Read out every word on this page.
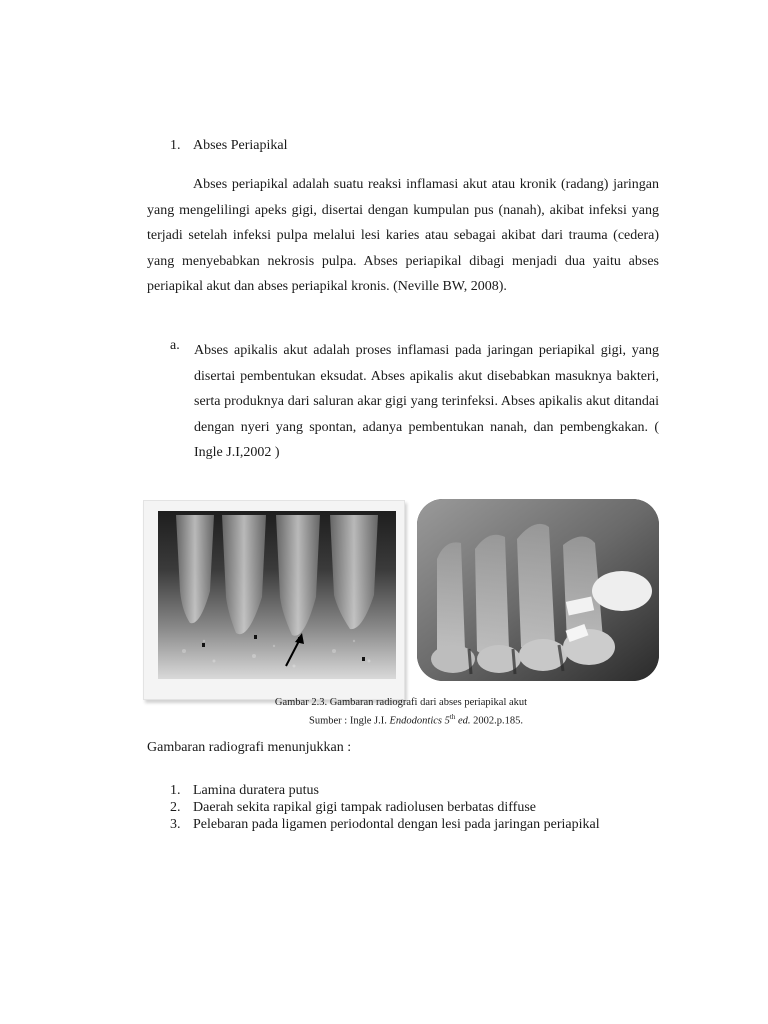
1. Abses Periapikal

Abses periapikal adalah suatu reaksi inflamasi akut atau kronik (radang) jaringan yang mengelilingi apeks gigi, disertai dengan kumpulan pus (nanah), akibat infeksi yang terjadi setelah infeksi pulpa melalui lesi karies atau sebagai akibat dari trauma (cedera) yang menyebabkan nekrosis pulpa. Abses periapikal dibagi menjadi dua yaitu abses periapikal akut dan abses periapikal kronis. (Neville BW, 2008).

a. Abses apikalis akut adalah proses inflamasi pada jaringan periapikal gigi, yang disertai pembentukan eksudat. Abses apikalis akut disebabkan masuknya bakteri, serta produknya dari saluran akar gigi yang terinfeksi. Abses apikalis akut ditandai dengan nyeri yang spontan, adanya pembentukan nanah, dan pembengkakan. ( Ingle J.I,2002 )

Gambar 2.3. Gambaran radiografi dari abses periapikal akut
Sumber : Ingle J.I. Endodontics 5th ed. 2002.p.185.
Gambaran radiografi menunjukkan :
1. Lamina duratera putus
2. Daerah sekita rapikal gigi tampak radiolusen berbatas diffuse
3. Pelebaran pada ligamen periodontal dengan lesi pada jaringan periapikal
